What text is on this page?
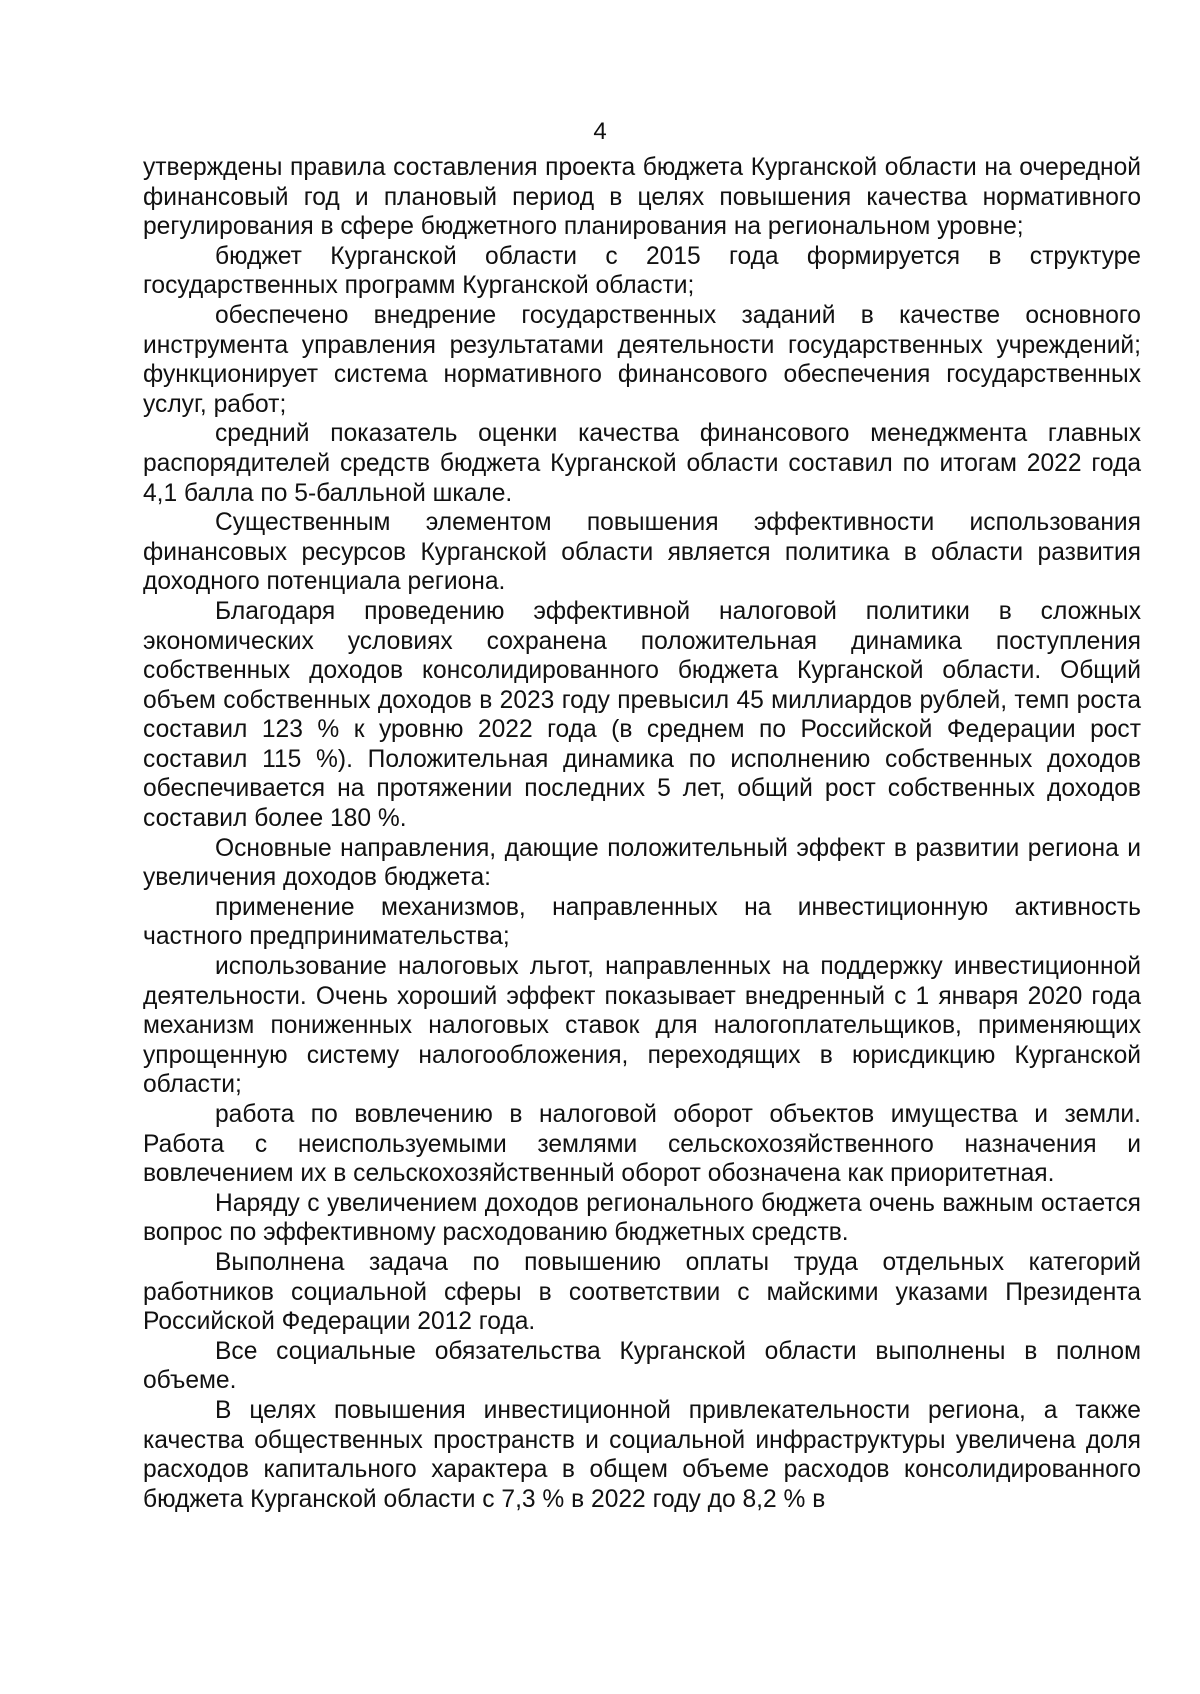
4

утверждены правила составления проекта бюджета Курганской области на очередной финансовый год и плановый период в целях повышения качества нормативного регулирования в сфере бюджетного планирования на региональном уровне;

бюджет Курганской области с 2015 года формируется в структуре государственных программ Курганской области;

обеспечено внедрение государственных заданий в качестве основного инструмента управления результатами деятельности государственных учреждений; функционирует система нормативного финансового обеспечения государственных услуг, работ;

средний показатель оценки качества финансового менеджмента главных распорядителей средств бюджета Курганской области составил по итогам 2022 года 4,1 балла по 5-балльной шкале.

Существенным элементом повышения эффективности использования финансовых ресурсов Курганской области является политика в области развития доходного потенциала региона.

Благодаря проведению эффективной налоговой политики в сложных экономических условиях сохранена положительная динамика поступления собственных доходов консолидированного бюджета Курганской области. Общий объем собственных доходов в 2023 году превысил 45 миллиардов рублей, темп роста составил 123 % к уровню 2022 года (в среднем по Российской Федерации рост составил 115 %). Положительная динамика по исполнению собственных доходов обеспечивается на протяжении последних 5 лет, общий рост собственных доходов составил более 180 %.

Основные направления, дающие положительный эффект в развитии региона и увеличения доходов бюджета:

применение механизмов, направленных на инвестиционную активность частного предпринимательства;

использование налоговых льгот, направленных на поддержку инвестиционной деятельности. Очень хороший эффект показывает внедренный с 1 января 2020 года механизм пониженных налоговых ставок для налогоплательщиков, применяющих упрощенную систему налогообложения, переходящих в юрисдикцию Курганской области;

работа по вовлечению в налоговой оборот объектов имущества и земли. Работа с неиспользуемыми землями сельскохозяйственного назначения и вовлечением их в сельскохозяйственный оборот обозначена как приоритетная.

Наряду с увеличением доходов регионального бюджета очень важным остается вопрос по эффективному расходованию бюджетных средств.

Выполнена задача по повышению оплаты труда отдельных категорий работников социальной сферы в соответствии с майскими указами Президента Российской Федерации 2012 года.

Все социальные обязательства Курганской области выполнены в полном объеме.

В целях повышения инвестиционной привлекательности региона, а также качества общественных пространств и социальной инфраструктуры увеличена доля расходов капитального характера в общем объеме расходов консолидированного бюджета Курганской области с 7,3 % в 2022 году до 8,2 % в
